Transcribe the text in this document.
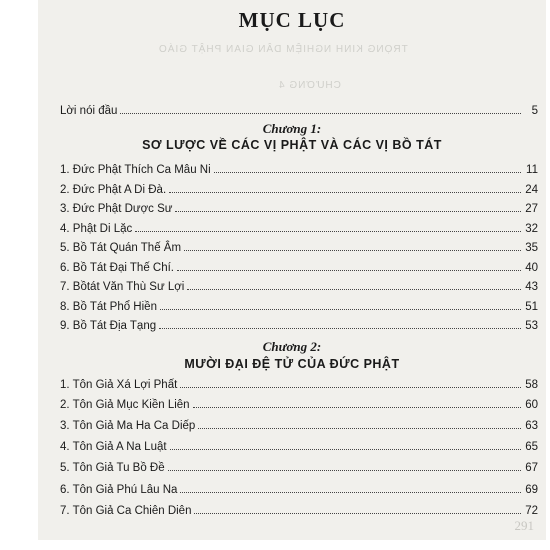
TRỌNG KINH NGHIỆM DÂN GIAN PHẬT GIÁO
CHƯƠNG 4
MỤC LỤC
Lời nói đầu	5
Chương 1:
SƠ LƯỢC VỀ CÁC VỊ PHẬT VÀ CÁC VỊ BỒ TÁT
1. Đức Phật Thích Ca Mâu Ni	11
2. Đức Phật A Di Đà.	24
3. Đức Phật Dược Sư	27
4. Phật Di Lặc	32
5. Bồ Tát Quán Thế Âm	35
6. Bồ Tát Đại Thế Chí.	40
7. Bồtát Văn Thù Sư Lợi	43
8. Bồ Tát Phổ Hiền	51
9. Bồ Tát Địa Tạng	53
Chương 2:
MƯỜI ĐẠI ĐỆ TỬ CỦA ĐỨC PHẬT
1. Tôn Giả Xá Lợi Phất	58
2. Tôn Giả Mục Kiền Liên	60
3. Tôn Giả Ma Ha Ca Diếp	63
4. Tôn Giả A Na Luật	65
5. Tôn Giả Tu Bồ Đề	67
6. Tôn Giả Phú Lâu Na	69
7. Tôn Giả Ca Chiên Diên	72
291
